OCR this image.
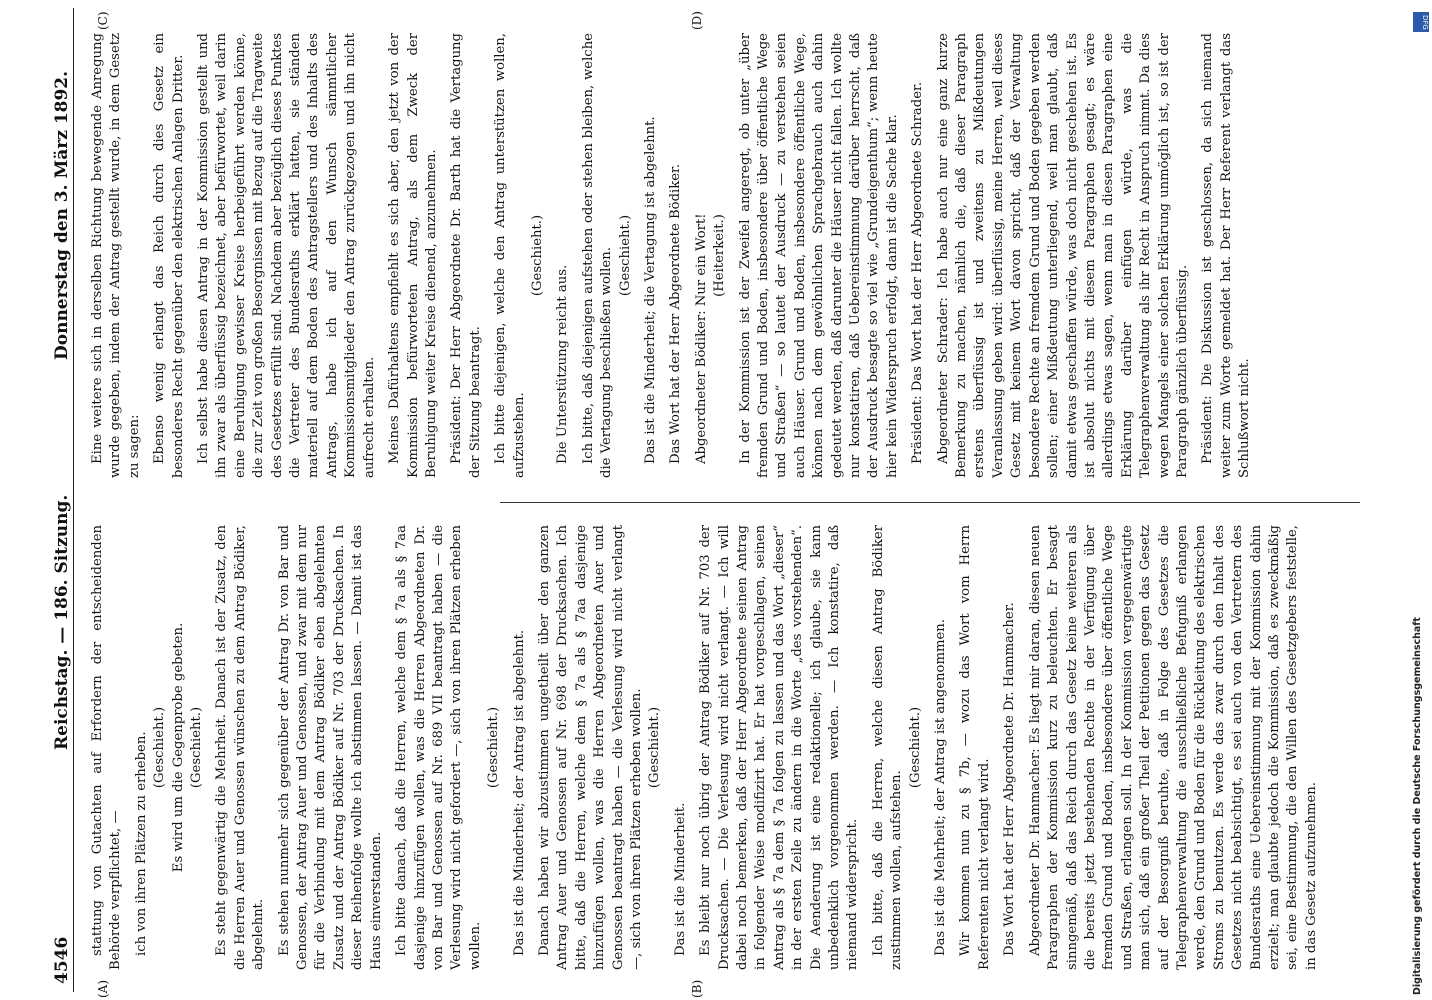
4546
Reichstag. — 186. Sitzung.
Donnerstag den 3. März 1892.
(A)	(B)
(C)	(D)

stattung von Gutachten auf Erfordern der entscheidenden Behörde verpflichtet, — ich von ihren Plätzen zu erheben. (Geschieht.) Es wird um die Gegenprobe gebeten. (Geschieht.) Es steht gegenwärtig die Mehrheit. Danach ist der Zusatz, den die Herren Auer und Genossen wünschen zu dem Antrag Bödiker, abgelehnt. Es stehen nunmehr sich gegenüber der Antrag Dr. von Bar und Genossen, der Antrag Auer und Genossen, und zwar mit dem nur für die Verbindung mit dem Antrag Bödiker eben abgelehnten Zusatz und der Antrag Bödiker auf Nr. 703 der Drucksachen. In dieser Reihenfolge wollte ich abstimmen lassen. — Damit ist das Haus einverstanden. Ich bitte danach, daß die Herren, welche dem § 7a als § 7aa dasjenige hinzufügen wollen, was die Herren Abgeordneten Dr. von Bar und Genossen auf Nr. 689 VII beantragt haben — die Verlesung wird nicht gefordert —, sich von ihren Plätzen erheben wollen.

(Geschieht.) Das ist die Minderheit; der Antrag ist abgelehnt. Danach haben wir abzustimmen ungetheilt über den ganzen Antrag Auer und Genossen auf Nr. 698 der Drucksachen. Ich bitte, daß die Herren, welche dem § 7a als § 7aa dasjenige hinzufügen wollen, was die Herren Abgeordneten Auer und Genossen beantragt haben — die Verlesung wird nicht verlangt —, sich von ihren Plätzen erheben wollen. (Geschieht.)

Das ist die Minderheit. Es bleibt nur noch übrig der Antrag Bödiker auf Nr. 703 der Drucksachen. — Die Verlesung wird nicht verlangt. — Ich will dabei noch bemerken, daß der Herr Abgeordnete seinen Antrag in folgender Weise modifizirt hat. Er hat vorgeschlagen, seinen Antrag als § 7a dem § 7a folgen zu lassen und das Wort „dieser“ in der ersten Zeile zu ändern in die Worte „des vorstehenden“. Die Aenderung ist eine redaktionelle; ich glaube, sie kann unbedenklich vorgenommen werden. — Ich konstatire, daß niemand widerspricht. Ich bitte, daß die Herren, welche diesen Antrag Bödiker zustimmen wollen, aufstehen.

(Geschieht.) Das ist die Mehrheit; der Antrag ist angenommen. Wir kommen nun zu § 7b, — wozu das Wort vom Herrn Referenten nicht verlangt wird. Das Wort hat der Herr Abgeordnete Dr. Hammacher. Abgeordneter Dr. Hammacher: Es liegt mir daran, diesen neuen Paragraphen der Kommission kurz zu beleuchten. Er besagt sinngemäß, daß das Reich durch das Gesetz keine weiteren als die bereits jetzt bestehenden Rechte in der Verfügung über fremden Grund und Boden, insbesondere über öffentliche Wege und Straßen, erlangen soll. In der Kommission vergegenwärtigte man sich, daß ein großer Theil der Petitionen gegen das Gesetz auf der Besorgniß beruhte, daß in Folge des Gesetzes die Telegraphenverwaltung die ausschließliche Befugniß erlangen werde, den Grund und Boden für die Rückleitung des elektrischen Stroms zu benutzen. Es werde das zwar durch den Inhalt des Gesetzes nicht beabsichtigt, es sei auch von den Vertretern des Bundesraths eine Uebereinstimmung mit der Kommission dahin erzielt; man glaubte jedoch die Kommission, daß es zweckmäßig sei, eine Bestimmung, die den Willen des Gesetzgebers feststelle, in das Gesetz aufzunehmen.

Eine weitere sich in derselben Richtung bewegende Anregung wurde gegeben, indem der Antrag gestellt wurde, in dem Gesetz zu sagen: Ebenso wenig erlangt das Reich durch dies Gesetz ein besonderes Recht gegenüber den elektrischen Anlagen Dritter. Ich selbst habe diesen Antrag in der Kommission gestellt und ihn zwar als überflüssig bezeichnet, aber befürwortet, weil darin eine Beruhigung gewisser Kreise herbeigeführt werden könne, die zur Zeit von großen Besorgnissen mit Bezug auf die Tragweite des Gesetzes erfüllt sind. Nachdem aber bezüglich dieses Punktes die Vertreter des Bundesraths erklärt hatten, sie ständen materiell auf dem Boden des Antragstellers und des Inhalts des Antrags, habe ich auf den Wunsch sämmtlicher Kommissionsmitglieder den Antrag zurückgezogen und ihn nicht aufrecht erhalten. Meines Dafürhaltens empfiehlt es sich aber, den jetzt von der Kommission befürworteten Antrag, als dem Zweck der Beruhigung weiter Kreise dienend, anzunehmen. Präsident: Der Herr Abgeordnete Dr. Barth hat die Vertagung der Sitzung beantragt. Ich bitte diejenigen, welche den Antrag unterstützen wollen, aufzustehen.

(Geschieht.)

Die Unterstützung reicht aus. Ich bitte, daß diejenigen aufstehen oder stehen bleiben, welche die Vertagung beschließen wollen. (Geschieht.) Das ist die Minderheit; die Vertagung ist abgelehnt. Das Wort hat der Herr Abgeordnete Bödiker. Abgeordneter Bödiker: Nur ein Wort! (Heiterkeit.) In der Kommission ist der Zweifel angeregt, ob unter „über fremden Grund und Boden, insbesondere über öffentliche Wege und Straßen“ — so lautet der Ausdruck — zu verstehen seien auch Häuser. Grund und Boden, insbesondere öffentliche Wege, können nach dem gewöhnlichen Sprachgebrauch auch dahin gedeutet werden, daß darunter die Häuser nicht fallen. Ich wollte nur konstatiren, daß Uebereinstimmung darüber herrscht, daß der Ausdruck besagte so viel wie „Grundeigenthum“; wenn heute hier kein Widerspruch erfolgt, dann ist die Sache klar. Präsident: Das Wort hat der Herr Abgeordnete Schrader. Abgeordneter Schrader: Ich habe auch nur eine ganz kurze Bemerkung zu machen, nämlich die, daß dieser Paragraph erstens überflüssig ist und zweitens zu Mißdeutungen Veranlassung geben wird: überflüssig, meine Herren, weil dieses Gesetz mit keinem Wort davon spricht, daß der Verwaltung besondere Rechte an fremdem Grund und Boden gegeben werden sollen; einer Mißdeutung unterliegend, weil man glaubt, daß damit etwas geschaffen würde, was doch nicht geschehen ist. Es ist absolut nichts mit diesem Paragraphen gesagt; es wäre allerdings etwas sagen, wenn man in diesen Paragraphen eine Erklärung darüber einfügen würde, was die Telegraphenverwaltung als ihr Recht in Anspruch nimmt. Da dies wegen Mangels einer solchen Erklärung unmöglich ist, so ist der Paragraph gänzlich überflüssig. Präsident: Die Diskussion ist geschlossen, da sich niemand weiter zum Worte gemeldet hat. Der Herr Referent verlangt das Schlußwort nicht.

Digitalisierung gefördert durch die Deutsche Forschungsgemeinschaft
DFG
